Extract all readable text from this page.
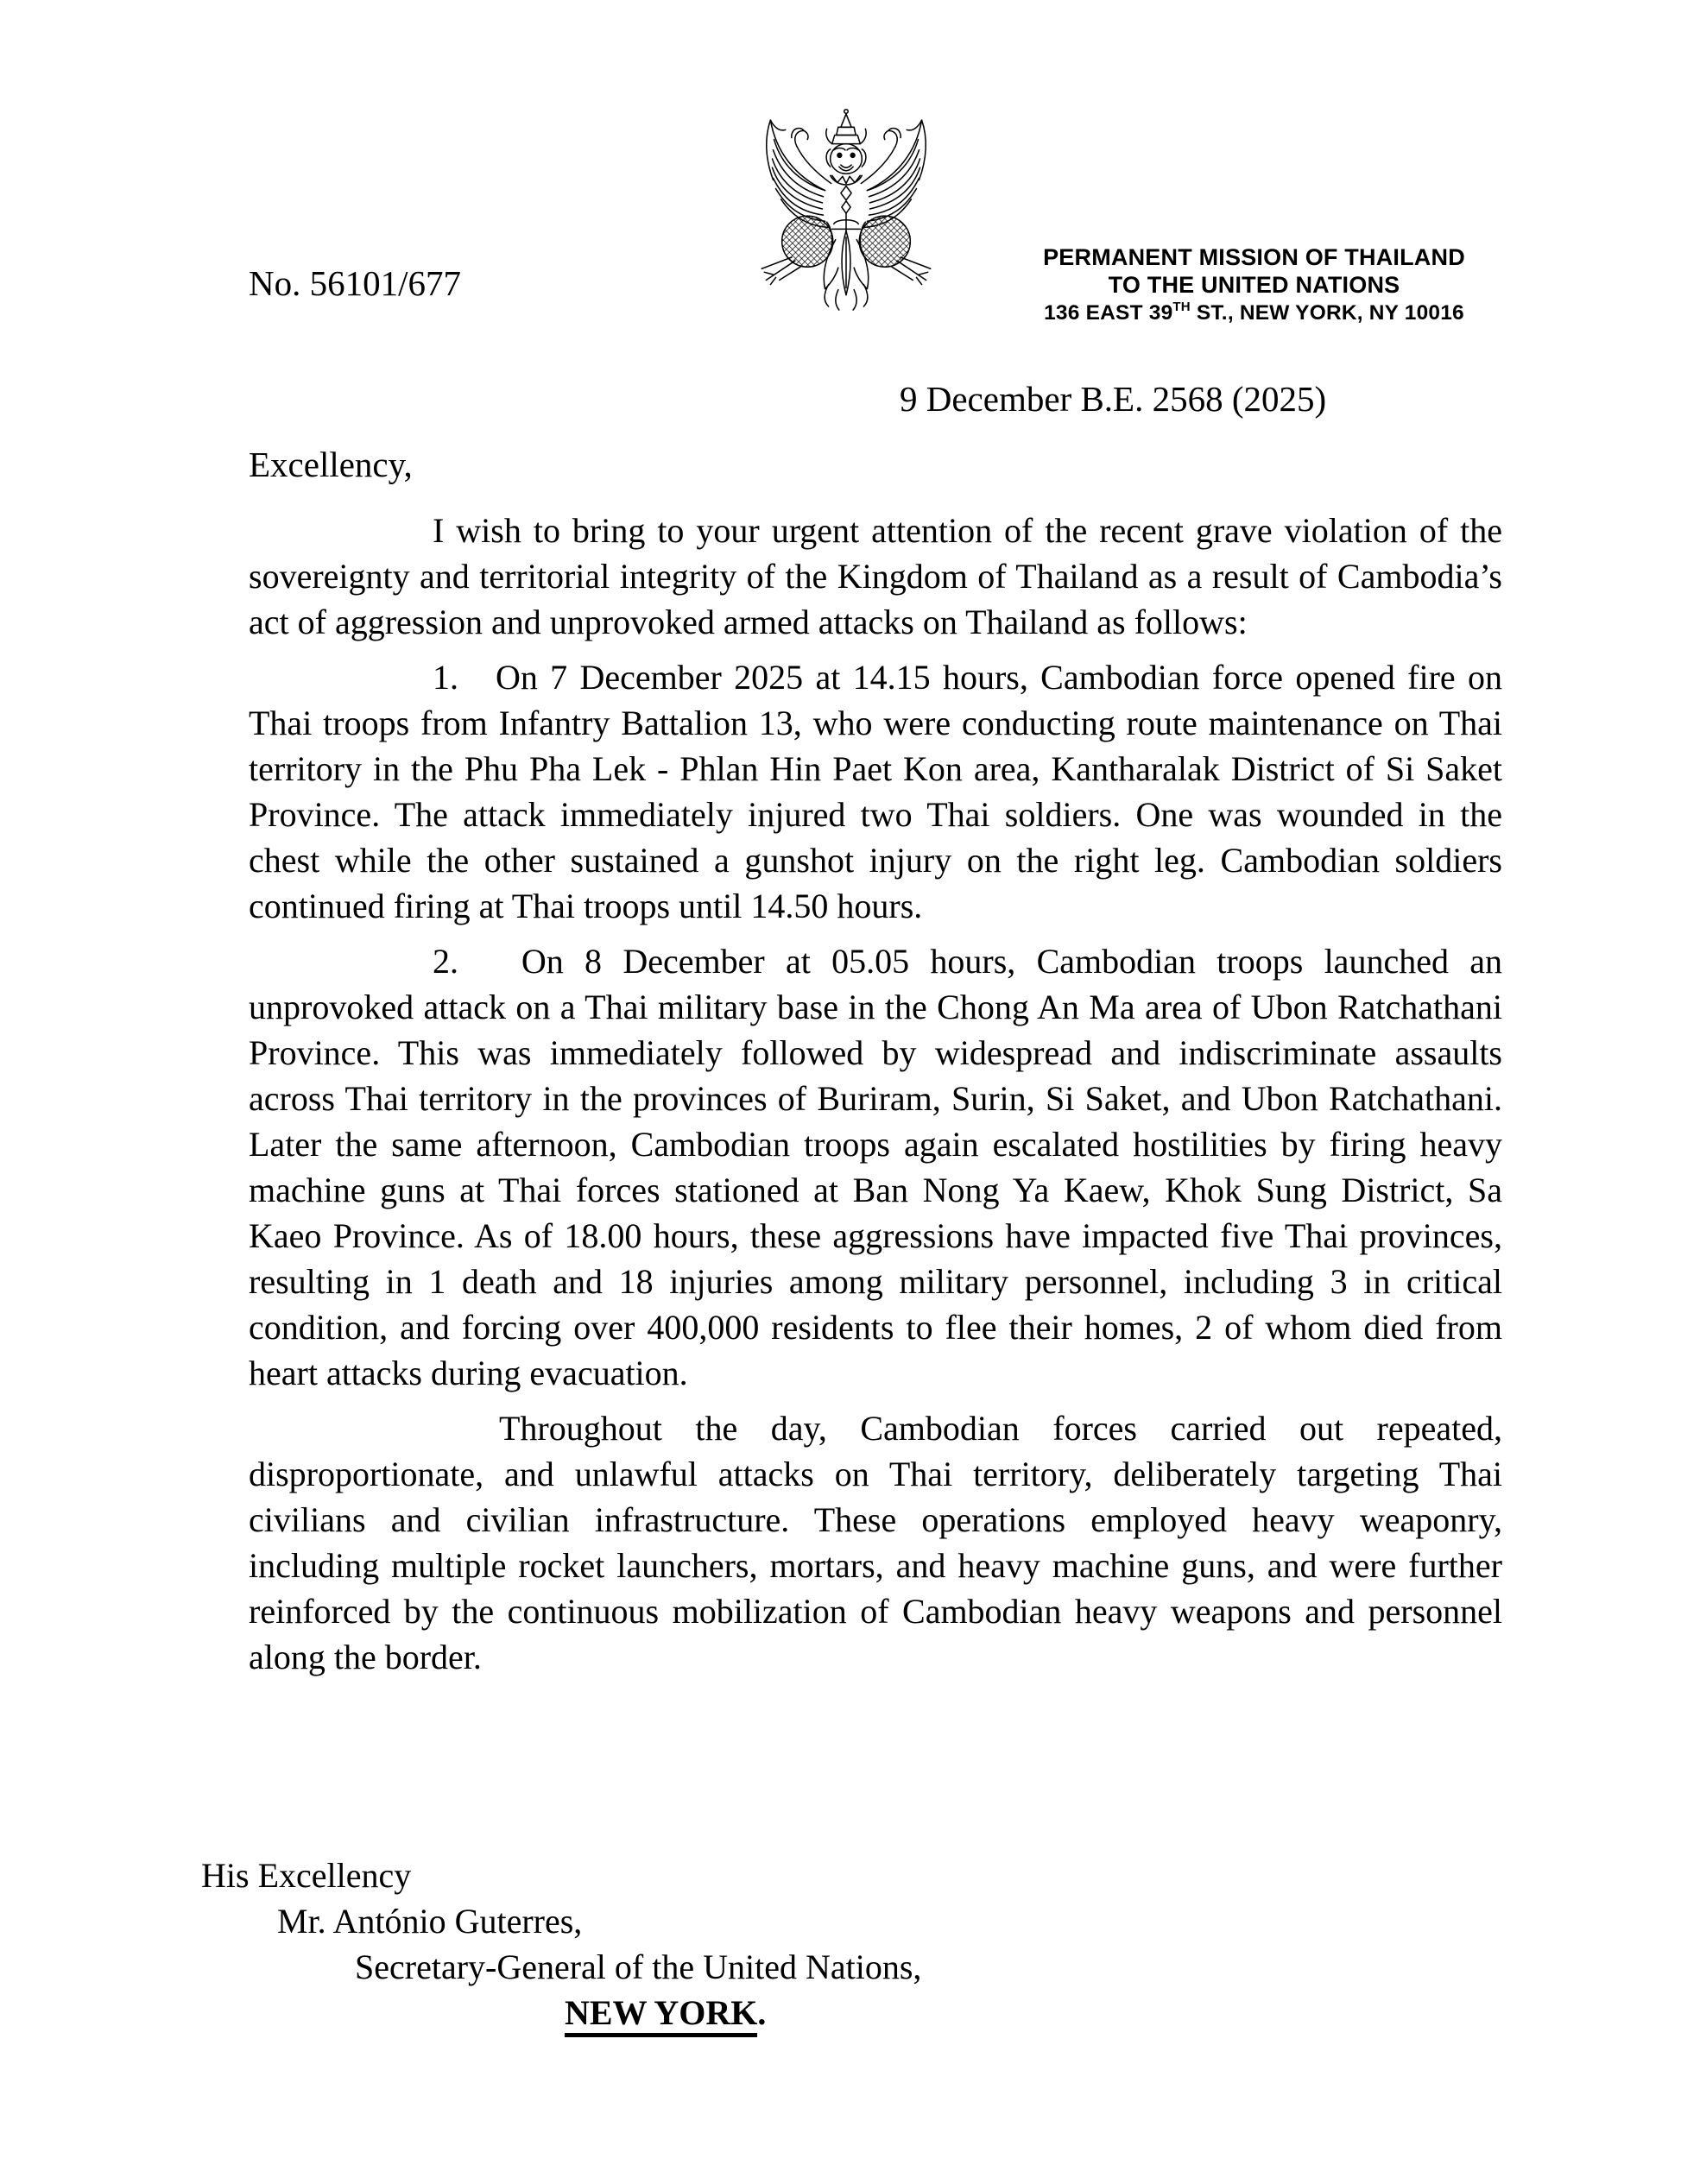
No. 56101/677
PERMANENT MISSION OF THAILAND
TO THE UNITED NATIONS
136 EAST 39TH ST., NEW YORK, NY 10016
9 December B.E. 2568 (2025)
Excellency,

I wish to bring to your urgent attention of the recent grave violation of the sovereignty and territorial integrity of the Kingdom of Thailand as a result of Cambodia’s act of aggression and unprovoked armed attacks on Thailand as follows:

1.   On 7 December 2025 at 14.15 hours, Cambodian force opened fire on Thai troops from Infantry Battalion 13, who were conducting route maintenance on Thai territory in the Phu Pha Lek - Phlan Hin Paet Kon area, Kantharalak District of Si Saket Province. The attack immediately injured two Thai soldiers. One was wounded in the chest while the other sustained a gunshot injury on the right leg. Cambodian soldiers continued firing at Thai troops until 14.50 hours.

2.   On 8 December at 05.05 hours, Cambodian troops launched an unprovoked attack on a Thai military base in the Chong An Ma area of Ubon Ratchathani Province. This was immediately followed by widespread and indiscriminate assaults across Thai territory in the provinces of Buriram, Surin, Si Saket, and Ubon Ratchathani. Later the same afternoon, Cambodian troops again escalated hostilities by firing heavy machine guns at Thai forces stationed at Ban Nong Ya Kaew, Khok Sung District, Sa Kaeo Province. As of 18.00 hours, these aggressions have impacted five Thai provinces, resulting in 1 death and 18 injuries among military personnel, including 3 in critical condition, and forcing over 400,000 residents to flee their homes, 2 of whom died from heart attacks during evacuation.

Throughout the day, Cambodian forces carried out repeated, disproportionate, and unlawful attacks on Thai territory, deliberately targeting Thai civilians and civilian infrastructure. These operations employed heavy weaponry, including multiple rocket launchers, mortars, and heavy machine guns, and were further reinforced by the continuous mobilization of Cambodian heavy weapons and personnel along the border.

His Excellency
Mr. António Guterres,
Secretary-General of the United Nations,
NEW YORK.
